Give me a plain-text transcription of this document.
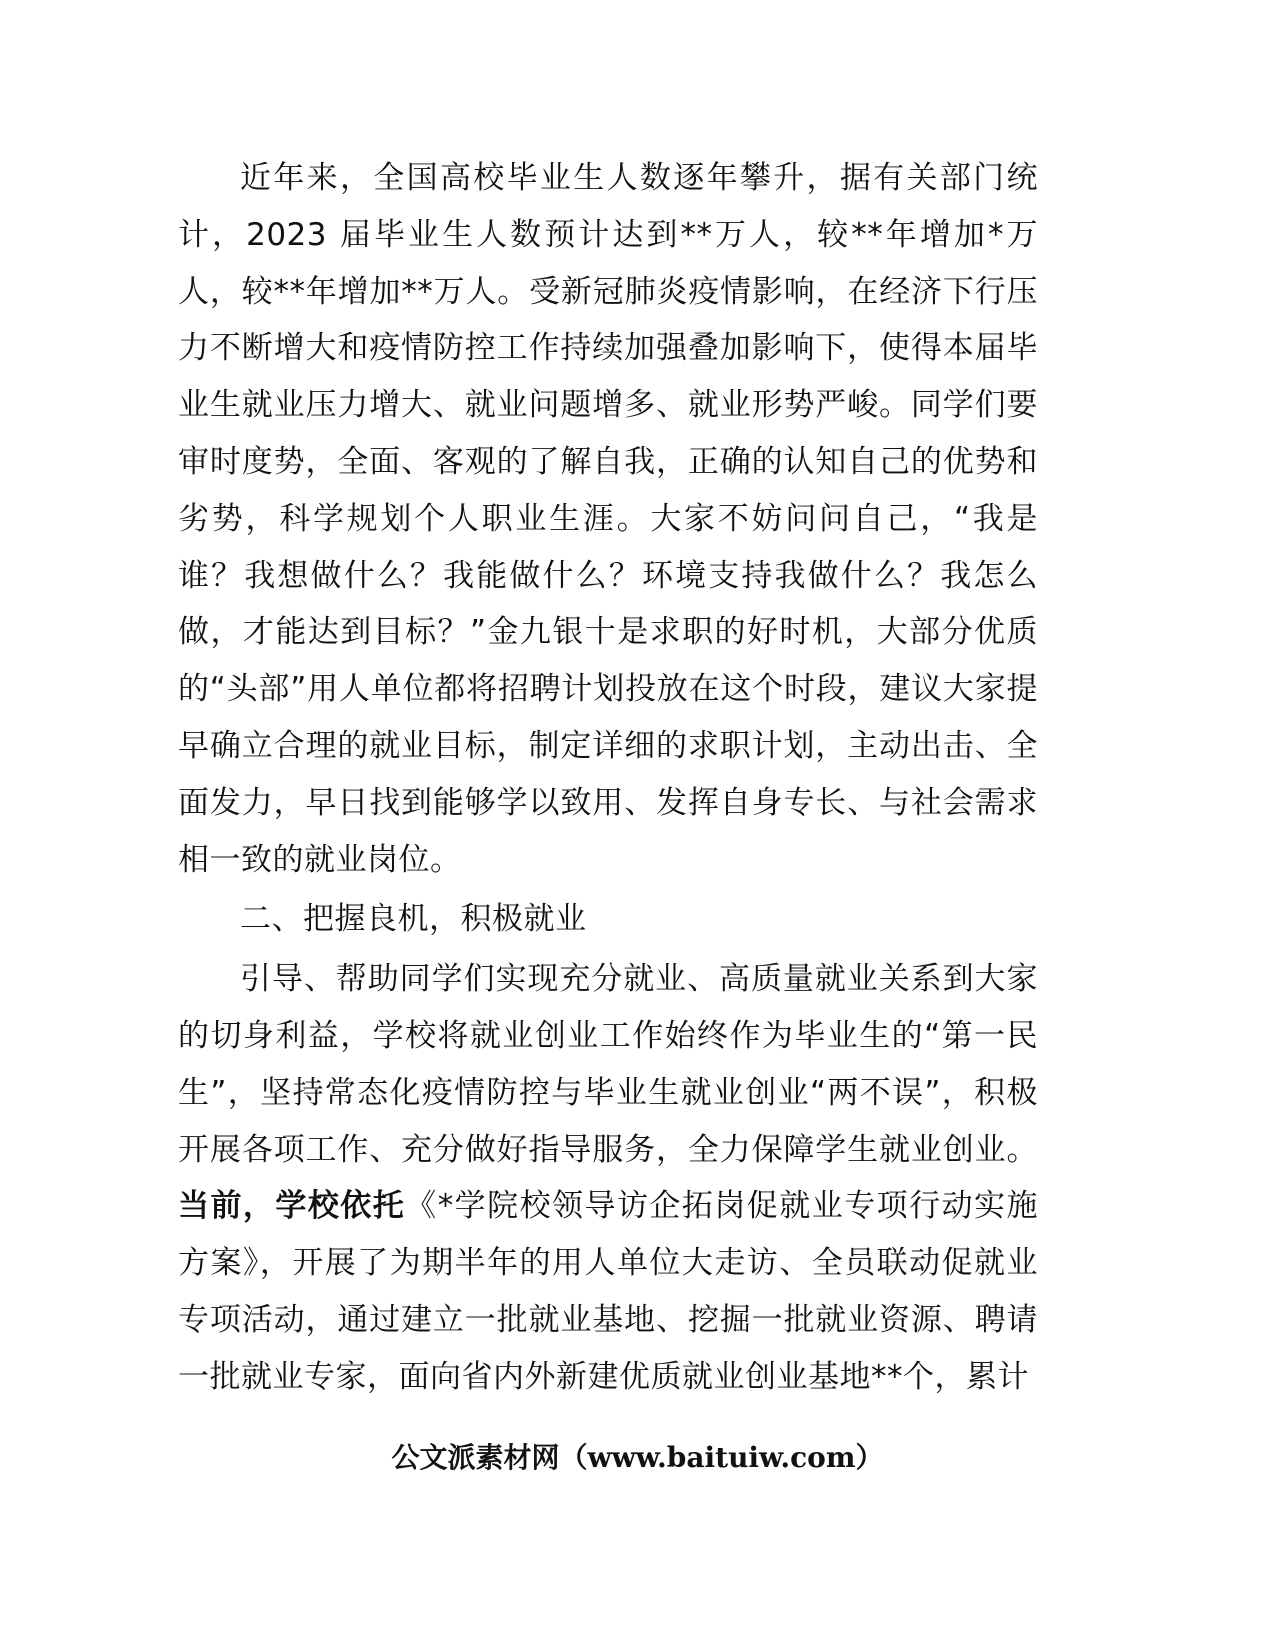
近年来，全国高校毕业生人数逐年攀升，据有关部门统计，2023 届毕业生人数预计达到**万人，较**年增加*万人，较**年增加**万人。受新冠肺炎疫情影响，在经济下行压力不断增大和疫情防控工作持续加强叠加影响下，使得本届毕业生就业压力增大、就业问题增多、就业形势严峻。同学们要审时度势，全面、客观的了解自我，正确的认知自己的优势和劣势，科学规划个人职业生涯。大家不妨问问自己，“我是谁？我想做什么？我能做什么？环境支持我做什么？我怎么做，才能达到目标？”金九银十是求职的好时机，大部分优质的“头部”用人单位都将招聘计划投放在这个时段，建议大家提早确立合理的就业目标，制定详细的求职计划，主动出击、全面发力，早日找到能够学以致用、发挥自身专长、与社会需求相一致的就业岗位。

二、把握良机，积极就业

引导、帮助同学们实现充分就业、高质量就业关系到大家的切身利益，学校将就业创业工作始终作为毕业生的“第一民生”，坚持常态化疫情防控与毕业生就业创业“两不误”，积极开展各项工作、充分做好指导服务，全力保障学生就业创业。当前，学校依托《*学院校领导访企拓岗促就业专项行动实施方案》，开展了为期半年的用人单位大走访、全员联动促就业专项活动，通过建立一批就业基地、挖掘一批就业资源、聘请一批就业专家，面向省内外新建优质就业创业基地**个，累计

公文派素材网（www.baituiw.com）
